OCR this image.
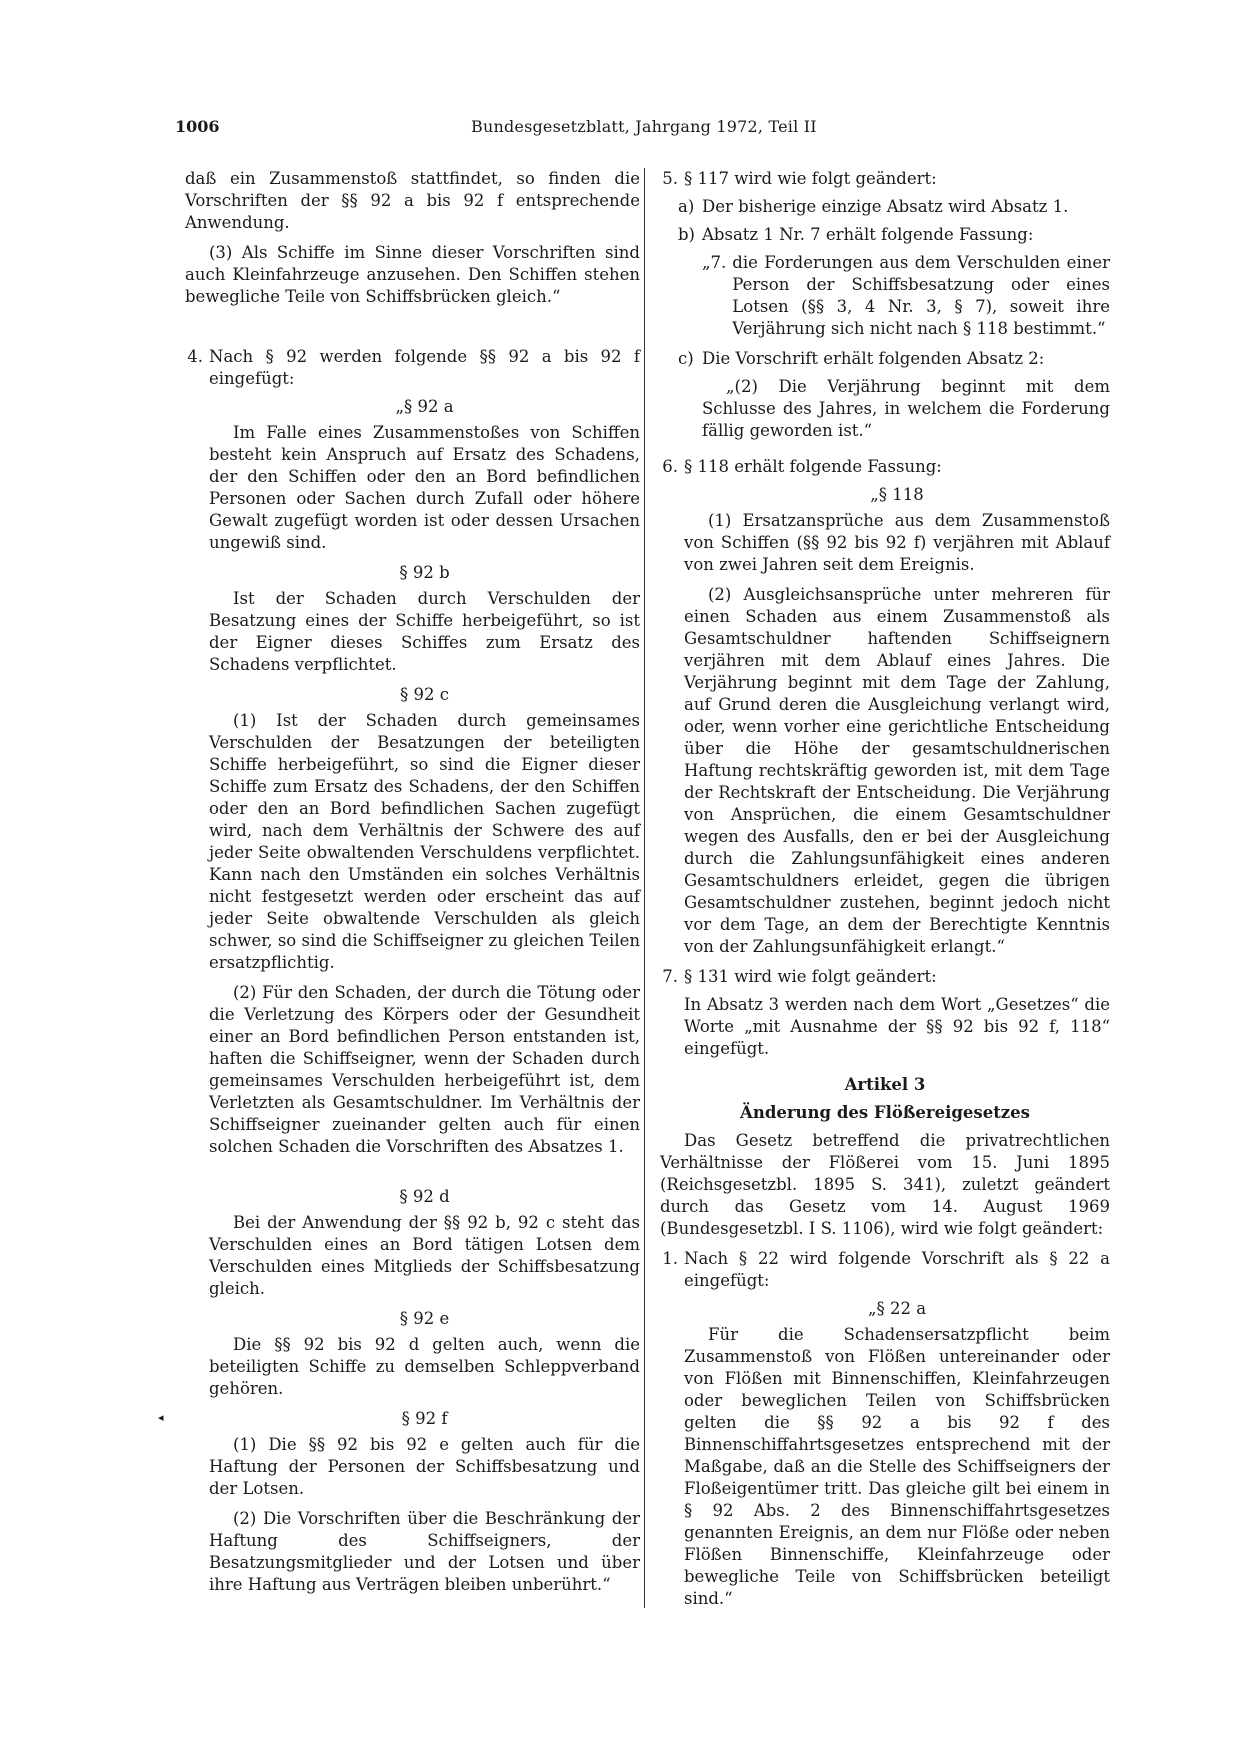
1006	Bundesgesetzblatt, Jahrgang 1972, Teil II
◂

daß ein Zusammenstoß stattfindet, so finden die Vorschriften der §§ 92 a bis 92 f entsprechende Anwendung.

(3) Als Schiffe im Sinne dieser Vorschriften sind auch Kleinfahrzeuge anzusehen. Den Schiffen stehen bewegliche Teile von Schiffsbrücken gleich.“

4. Nach § 92 werden folgende §§ 92 a bis 92 f eingefügt:
„§ 92 a

Im Falle eines Zusammenstoßes von Schiffen besteht kein Anspruch auf Ersatz des Schadens, der den Schiffen oder den an Bord befindlichen Personen oder Sachen durch Zufall oder höhere Gewalt zugefügt worden ist oder dessen Ursachen ungewiß sind.

§ 92 b

Ist der Schaden durch Verschulden der Besatzung eines der Schiffe herbeigeführt, so ist der Eigner dieses Schiffes zum Ersatz des Schadens verpflichtet.

§ 92 c

(1) Ist der Schaden durch gemeinsames Verschulden der Besatzungen der beteiligten Schiffe herbeigeführt, so sind die Eigner dieser Schiffe zum Ersatz des Schadens, der den Schiffen oder den an Bord befindlichen Sachen zugefügt wird, nach dem Verhältnis der Schwere des auf jeder Seite obwaltenden Verschuldens verpflichtet. Kann nach den Umständen ein solches Verhältnis nicht festgesetzt werden oder erscheint das auf jeder Seite obwaltende Verschulden als gleich schwer, so sind die Schiffseigner zu gleichen Teilen ersatzpflichtig.

(2) Für den Schaden, der durch die Tötung oder die Verletzung des Körpers oder der Gesundheit einer an Bord befindlichen Person entstanden ist, haften die Schiffseigner, wenn der Schaden durch gemeinsames Verschulden herbeigeführt ist, dem Verletzten als Gesamtschuldner. Im Verhältnis der Schiffseigner zueinander gelten auch für einen solchen Schaden die Vorschriften des Absatzes 1.

§ 92 d

Bei der Anwendung der §§ 92 b, 92 c steht das Verschulden eines an Bord tätigen Lotsen dem Verschulden eines Mitglieds der Schiffsbesatzung gleich.

§ 92 e

Die §§ 92 bis 92 d gelten auch, wenn die beteiligten Schiffe zu demselben Schleppverband gehören.

§ 92 f

(1) Die §§ 92 bis 92 e gelten auch für die Haftung der Personen der Schiffsbesatzung und der Lotsen.

(2) Die Vorschriften über die Beschränkung der Haftung des Schiffseigners, der Besatzungsmitglieder und der Lotsen und über ihre Haftung aus Verträgen bleiben unberührt.“

5. § 117 wird wie folgt geändert:
a) Der bisherige einzige Absatz wird Absatz 1.
b) Absatz 1 Nr. 7 erhält folgende Fassung:
„7. die Forderungen aus dem Verschulden einer Person der Schiffsbesatzung oder eines Lotsen (§§ 3, 4 Nr. 3, § 7), soweit ihre Verjährung sich nicht nach § 118 bestimmt.“
c) Die Vorschrift erhält folgenden Absatz 2:

„(2) Die Verjährung beginnt mit dem Schlusse des Jahres, in welchem die Forderung fällig geworden ist.“

6. § 118 erhält folgende Fassung:
„§ 118

(1) Ersatzansprüche aus dem Zusammenstoß von Schiffen (§§ 92 bis 92 f) verjähren mit Ablauf von zwei Jahren seit dem Ereignis.

(2) Ausgleichsansprüche unter mehreren für einen Schaden aus einem Zusammenstoß als Gesamtschuldner haftenden Schiffseignern verjähren mit dem Ablauf eines Jahres. Die Verjährung beginnt mit dem Tage der Zahlung, auf Grund deren die Ausgleichung verlangt wird, oder, wenn vorher eine gerichtliche Entscheidung über die Höhe der gesamtschuldnerischen Haftung rechtskräftig geworden ist, mit dem Tage der Rechtskraft der Entscheidung. Die Verjährung von Ansprüchen, die einem Gesamtschuldner wegen des Ausfalls, den er bei der Ausgleichung durch die Zahlungsunfähigkeit eines anderen Gesamtschuldners erleidet, gegen die übrigen Gesamtschuldner zustehen, beginnt jedoch nicht vor dem Tage, an dem der Berechtigte Kenntnis von der Zahlungsunfähigkeit erlangt.“

7. § 131 wird wie folgt geändert:

In Absatz 3 werden nach dem Wort „Gesetzes“ die Worte „mit Ausnahme der §§ 92 bis 92 f, 118“ eingefügt.

Artikel 3
Änderung des Flößereigesetzes

Das Gesetz betreffend die privatrechtlichen Verhältnisse der Flößerei vom 15. Juni 1895 (Reichsgesetzbl. 1895 S. 341), zuletzt geändert durch das Gesetz vom 14. August 1969 (Bundesgesetzbl. I S. 1106), wird wie folgt geändert:

1. Nach § 22 wird folgende Vorschrift als § 22 a eingefügt:
„§ 22 a

Für die Schadensersatzpflicht beim Zusammenstoß von Flößen untereinander oder von Flößen mit Binnenschiffen, Kleinfahrzeugen oder beweglichen Teilen von Schiffsbrücken gelten die §§ 92 a bis 92 f des Binnenschiffahrtsgesetzes entsprechend mit der Maßgabe, daß an die Stelle des Schiffseigners der Floßeigentümer tritt. Das gleiche gilt bei einem in § 92 Abs. 2 des Binnenschiffahrtsgesetzes genannten Ereignis, an dem nur Flöße oder neben Flößen Binnenschiffe, Kleinfahrzeuge oder bewegliche Teile von Schiffsbrücken beteiligt sind.“
